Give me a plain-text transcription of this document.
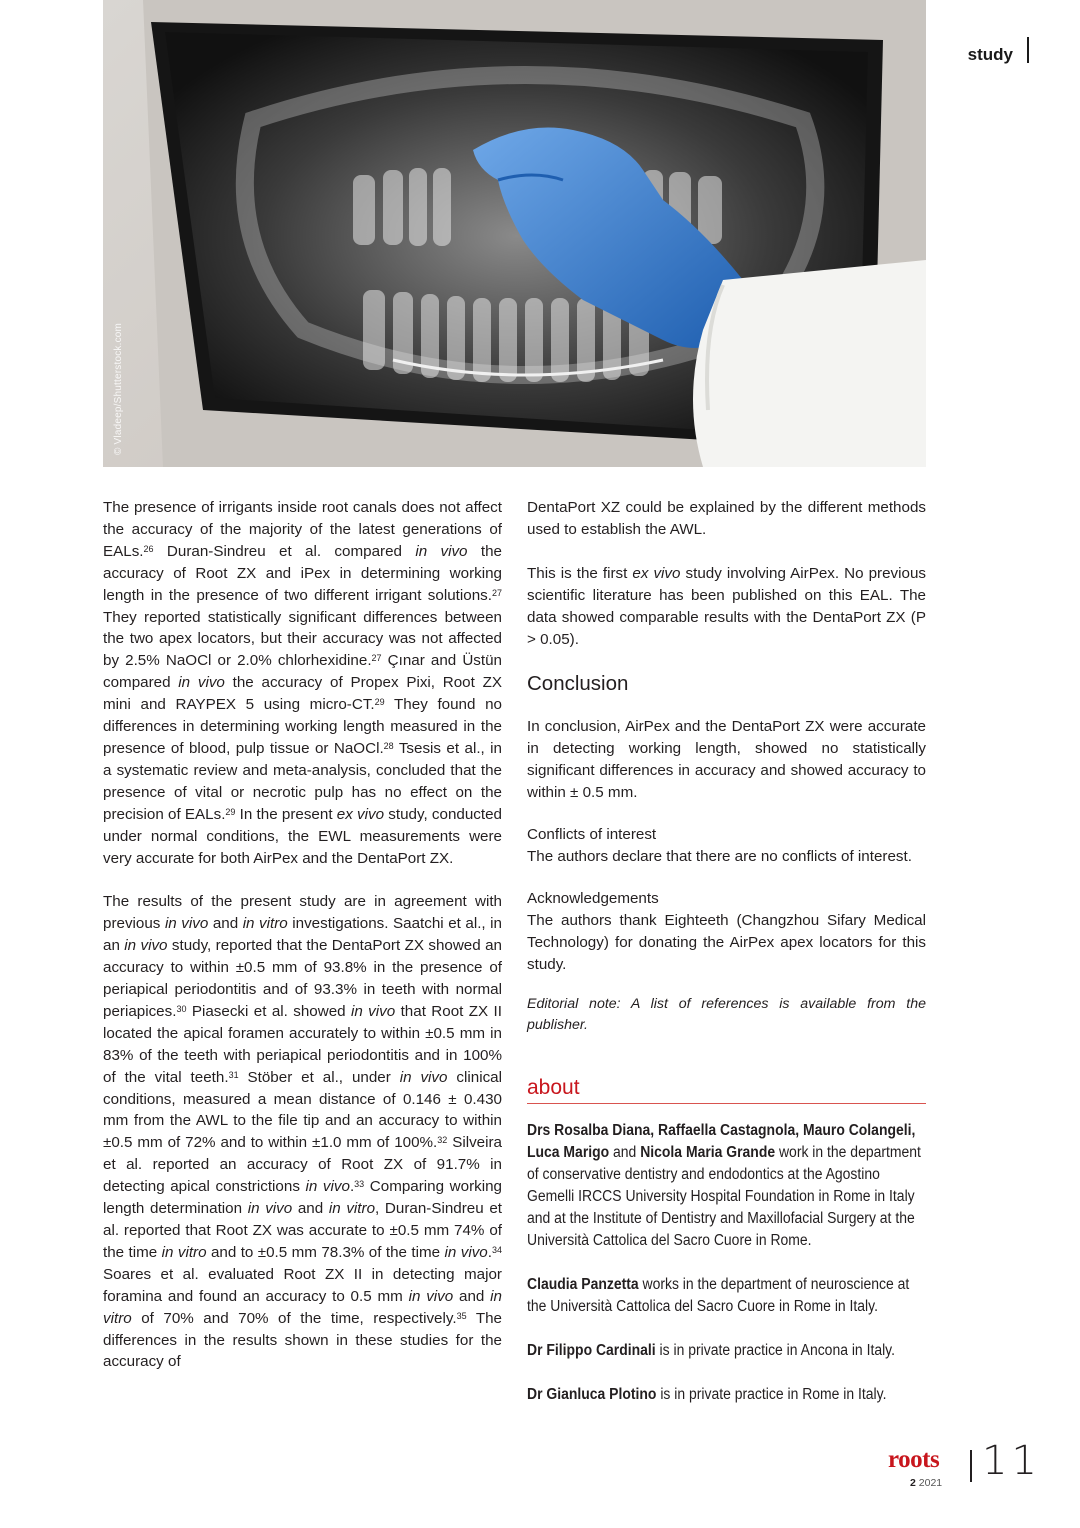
study
© Vladeep/Shutterstock.com

The presence of irrigants inside root canals does not affect the accuracy of the majority of the latest generations of EALs.$^{26}$ Duran-Sindreu et al. compared in vivo the accuracy of Root ZX and iPex in determining working length in the presence of two different irrigant solutions.$^{27}$ They reported statistically significant differences between the two apex locators, but their accuracy was not affected by 2.5% NaOCl or 2.0% chlorhexidine.$^{27}$ Çınar and Üstün compared in vivo the accuracy of Propex Pixi, Root ZX mini and RAYPEX 5 using micro-CT.$^{29}$ They found no differences in determining working length measured in the presence of blood, pulp tissue or NaOCl.$^{28}$ Tsesis et al., in a systematic review and meta-analysis, concluded that the presence of vital or necrotic pulp has no effect on the precision of EALs.$^{29}$ In the present ex vivo study, conducted under normal conditions, the EWL measurements were very accurate for both AirPex and the DentaPort ZX.

The results of the present study are in agreement with previous in vivo and in vitro investigations. Saatchi et al., in an in vivo study, reported that the DentaPort ZX showed an accuracy to within ±0.5 mm of 93.8% in the presence of periapical periodontitis and of 93.3% in teeth with normal periapices.$^{30}$ Piasecki et al. showed in vivo that Root ZX II located the apical foramen accurately to within ±0.5 mm in 83% of the teeth with periapical periodontitis and in 100% of the vital teeth.$^{31}$ Stöber et al., under in vivo clinical conditions, measured a mean distance of 0.146 ± 0.430 mm from the AWL to the file tip and an accuracy to within ±0.5 mm of 72% and to within ±1.0 mm of 100%.$^{32}$ Silveira et al. reported an accuracy of Root ZX of 91.7% in detecting apical constrictions in vivo.$^{33}$ Comparing working length determination in vivo and in vitro, Duran-Sindreu et al. reported that Root ZX was accurate to ±0.5 mm 74% of the time in vitro and to ±0.5 mm 78.3% of the time in vivo.$^{34}$ Soares et al. evaluated Root ZX II in detecting major foramina and found an accuracy to 0.5 mm in vivo and in vitro of 70% and 70% of the time, respectively.$^{35}$ The differences in the results shown in these studies for the accuracy of

DentaPort XZ could be explained by the different methods used to establish the AWL.

This is the first ex vivo study involving AirPex. No previous scientific literature has been published on this EAL. The data showed comparable results with the DentaPort ZX (P > 0.05).

Conclusion

In conclusion, AirPex and the DentaPort ZX were accurate in detecting working length, showed no statistically significant differences in accuracy and showed accuracy to within ± 0.5 mm.

Conflicts of interest

The authors declare that there are no conflicts of interest.

Acknowledgements

The authors thank Eighteeth (Changzhou Sifary Medical Technology) for donating the AirPex apex locators for this study.

Editorial note: A list of references is available from the publisher.

about

Drs Rosalba Diana, Raffaella Castagnola, Mauro Colangeli, Luca Marigo and Nicola Maria Grande work in the department of conservative dentistry and endodontics at the Agostino Gemelli IRCCS University Hospital Foundation in Rome in Italy and at the Institute of Dentistry and Maxillofacial Surgery at the Università Cattolica del Sacro Cuore in Rome.

Claudia Panzetta works in the department of neuroscience at the Università Cattolica del Sacro Cuore in Rome in Italy.

Dr Filippo Cardinali is in private practice in Ancona in Italy.

Dr Gianluca Plotino is in private practice in Rome in Italy.

roots
2 2021 11
